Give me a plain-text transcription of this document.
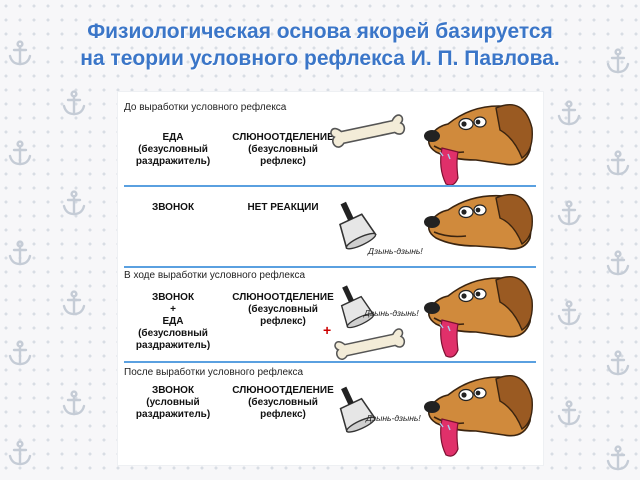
Физиологическая основа якорей базируется
на теории условного рефлекса И. П. Павлова.
До выработки условного рефлекса
ЕДА
(безусловный
раздражитель)
СЛЮНООТДЕЛЕНИЕ
(безусловный
рефлекс)
ЗВОНОК	НЕТ РЕАКЦИИ
Дзынь-дзынь!
В ходе выработки условного рефлекса
ЗВОНОК
+
ЕДА
(безусловный
раздражитель)
СЛЮНООТДЕЛЕНИЕ
(безусловный
рефлекс)
Дзынь-дзынь!
+
После выработки условного рефлекса
ЗВОНОК
(условный
раздражитель)
СЛЮНООТДЕЛЕНИЕ
(безусловный
рефлекс)	Дзынь-дзынь!
